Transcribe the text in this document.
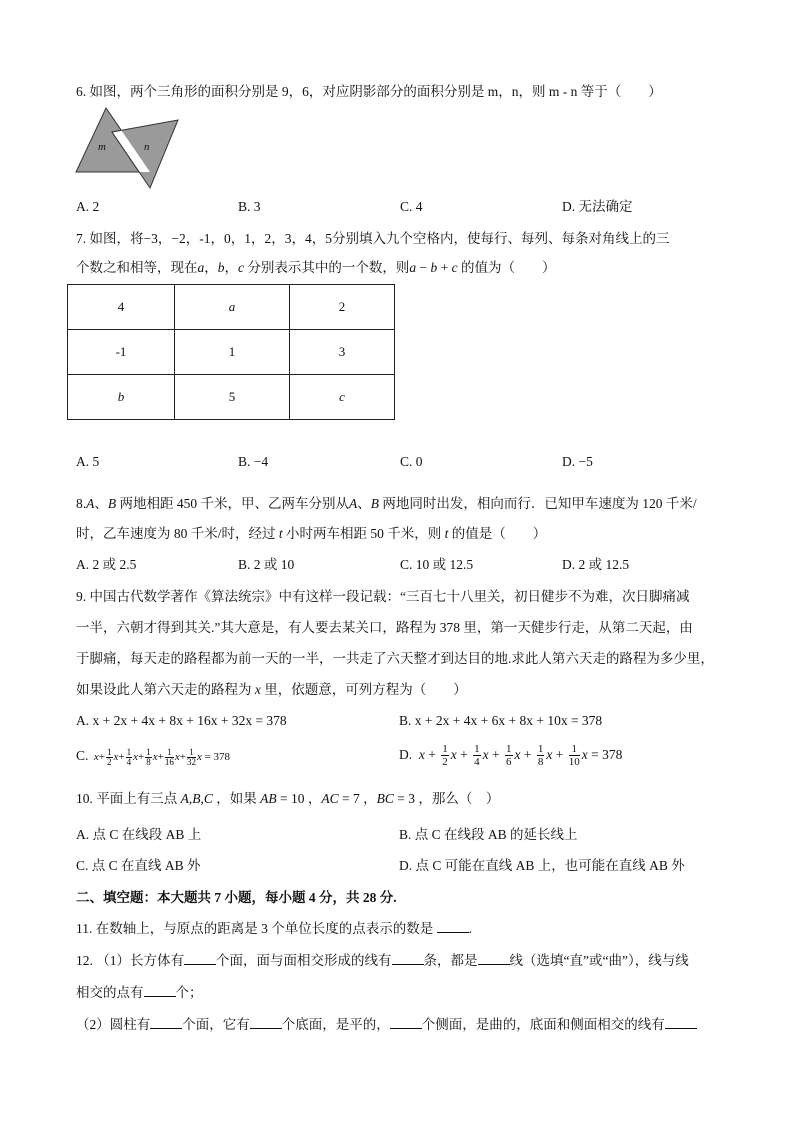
6. 如图，两个三角形的面积分别是 9，6，对应阴影部分的面积分别是 m，n，则 m - n 等于（　　）
m	n
A. 2	B. 3	C. 4	D. 无法确定
7. 如图，将−3，−2，-1，0，1，2，3，4，5分别填入九个空格内，使每行、每列、每条对角线上的三
个数之和相等，现在a，b，c 分别表示其中的一个数，则a − b + c 的值为（　　）
4	a	2
-1	1	3
b	5	c
A. 5	B. −4	C. 0	D. −5
8.A、B 两地相距 450 千米，甲、乙两车分别从A、B 两地同时出发，相向而行．已知甲车速度为 120 千米/
时，乙车速度为 80 千米/时，经过 t 小时两车相距 50 千米，则 t 的值是（　　）
A. 2 或 2.5	B. 2 或 10	C. 10 或 12.5	D. 2 或 12.5
9. 中国古代数学著作《算法统宗》中有这样一段记载：“三百七十八里关，初日健步不为难，次日脚痛减
一半，六朝才得到其关.”其大意是，有人要去某关口，路程为 378 里，第一天健步行走，从第二天起，由
于脚痛，每天走的路程都为前一天的一半，一共走了六天整才到达目的地.求此人第六天走的路程为多少里，
如果设此人第六天走的路程为 x 里，依题意，可列方程为（　　）
A. x + 2x + 4x + 8x + 16x + 32x = 378	B. x + 2x + 4x + 6x + 8x + 10x = 378
C. $x+ \frac{1}{2} x+ \frac{1}{4} x+ \frac{1}{8} x+ \frac{1}{16} x+ \frac{1}{32}$ x = 378	D. $x + \frac{1}{2}$ $x + \frac{1}{4}$ $x + \frac{1}{6}$ $x + \frac{1}{8}$ $x + \frac{1}{10}$ x = 378
10. 平面上有三点 A,B,C ，如果 AB = 10 ，AC = 7 ，BC = 3 ，那么（　）
A. 点 C 在线段 AB 上	B. 点 C 在线段 AB 的延长线上
C. 点 C 在直线 AB 外	D. 点 C 可能在直线 AB 上，也可能在直线 AB 外
二、填空题：本大题共 7 小题，每小题 4 分，共 28 分.
11. 在数轴上，与原点的距离是 3 个单位长度的点表示的数是	.
12. （1）长方体有 个面，面与面相交形成的线有 条，都是 线（选填“直”或“曲”），线与线
相交的点有 个；
（2）圆柱有 个面，它有 个底面，是平的， 个侧面，是曲的，底面和侧面相交的线有
